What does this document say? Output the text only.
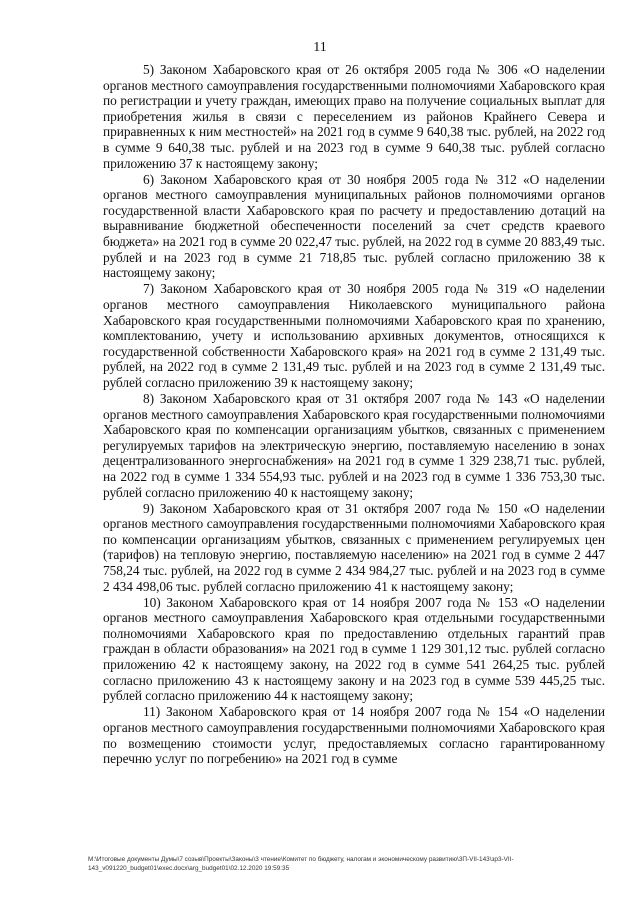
11

5) Законом Хабаровского края от 26 октября 2005 года № 306 «О наделении органов местного самоуправления государственными полномочиями Хабаровского края по регистрации и учету граждан, имеющих право на получение социальных выплат для приобретения жилья в связи с переселением из районов Крайнего Севера и приравненных к ним местностей» на 2021 год в сумме 9 640,38 тыс. рублей, на 2022 год в сумме 9 640,38 тыс. рублей и на 2023 год в сумме 9 640,38 тыс. рублей согласно приложению 37 к настоящему закону;

6) Законом Хабаровского края от 30 ноября 2005 года № 312 «О наделении органов местного самоуправления муниципальных районов полномочиями органов государственной власти Хабаровского края по расчету и предоставлению дотаций на выравнивание бюджетной обеспеченности поселений за счет средств краевого бюджета» на 2021 год в сумме 20 022,47 тыс. рублей, на 2022 год в сумме 20 883,49 тыс. рублей и на 2023 год в сумме 21 718,85 тыс. рублей согласно приложению 38 к настоящему закону;

7) Законом Хабаровского края от 30 ноября 2005 года № 319 «О наделении органов местного самоуправления Николаевского муниципального района Хабаровского края государственными полномочиями Хабаровского края по хранению, комплектованию, учету и использованию архивных документов, относящихся к государственной собственности Хабаровского края» на 2021 год в сумме 2 131,49 тыс. рублей, на 2022 год в сумме 2 131,49 тыс. рублей и на 2023 год в сумме 2 131,49 тыс. рублей согласно приложению 39 к настоящему закону;

8) Законом Хабаровского края от 31 октября 2007 года № 143 «О наделении органов местного самоуправления Хабаровского края государственными полномочиями Хабаровского края по компенсации организациям убытков, связанных с применением регулируемых тарифов на электрическую энергию, поставляемую населению в зонах децентрализованного энергоснабжения» на 2021 год в сумме 1 329 238,71 тыс. рублей, на 2022 год в сумме 1 334 554,93 тыс. рублей и на 2023 год в сумме 1 336 753,30 тыс. рублей согласно приложению 40 к настоящему закону;

9) Законом Хабаровского края от 31 октября 2007 года № 150 «О наделении органов местного самоуправления государственными полномочиями Хабаровского края по компенсации организациям убытков, связанных с применением регулируемых цен (тарифов) на тепловую энергию, поставляемую населению» на 2021 год в сумме 2 447 758,24 тыс. рублей, на 2022 год в сумме 2 434 984,27 тыс. рублей и на 2023 год в сумме 2 434 498,06 тыс. рублей согласно приложению 41 к настоящему закону;

10) Законом Хабаровского края от 14 ноября 2007 года № 153 «О наделении органов местного самоуправления Хабаровского края отдельными государственными полномочиями Хабаровского края по предоставлению отдельных гарантий прав граждан в области образования» на 2021 год в сумме 1 129 301,12 тыс. рублей согласно приложению 42 к настоящему закону, на 2022 год в сумме 541 264,25 тыс. рублей согласно приложению 43 к настоящему закону и на 2023 год в сумме 539 445,25 тыс. рублей согласно приложению 44 к настоящему закону;

11) Законом Хабаровского края от 14 ноября 2007 года № 154 «О наделении органов местного самоуправления государственными полномочиями Хабаровского края по возмещению стоимости услуг, предоставляемых согласно гарантированному перечню услуг по погребению» на 2021 год в сумме

M:\Итоговые документы Думы\7 созыв\Проекты\Законы\3 чтение\Комитет по бюджету, налогам и экономическому развитию\3П-VII-143\зр3-VII-143_v091220_budget01\exec.docx\arg_budget01\02.12.2020 19:59:35
